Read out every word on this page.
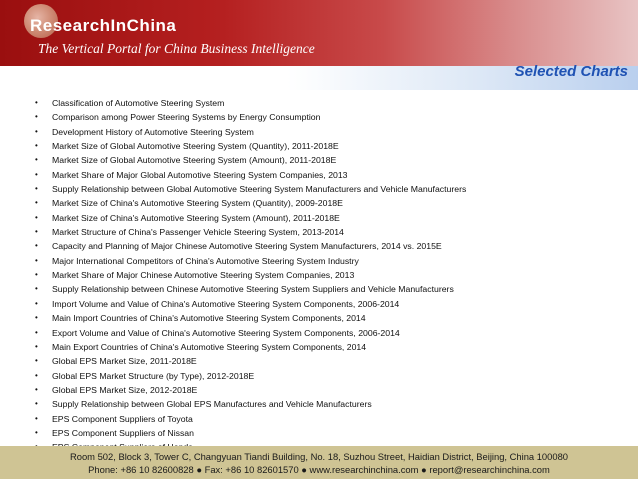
ResearchInChina
The Vertical Portal for China Business Intelligence
Selected Charts
• Classification of Automotive Steering System
• Comparison among Power Steering Systems by Energy Consumption
• Development History of Automotive Steering System
• Market Size of Global Automotive Steering System (Quantity), 2011-2018E
• Market Size of Global Automotive Steering System (Amount), 2011-2018E
• Market Share of Major Global Automotive Steering System Companies, 2013
• Supply Relationship between Global Automotive Steering System Manufacturers and Vehicle Manufacturers
• Market Size of China's Automotive Steering System (Quantity), 2009-2018E
• Market Size of China's Automotive Steering System (Amount), 2011-2018E
• Market Structure of China's Passenger Vehicle Steering System, 2013-2014
• Capacity and Planning of Major Chinese Automotive Steering System Manufacturers, 2014 vs. 2015E
• Major International Competitors of China's Automotive Steering System Industry
• Market Share of Major Chinese Automotive Steering System Companies, 2013
• Supply Relationship between Chinese Automotive Steering System Suppliers and Vehicle Manufacturers
• Import Volume and Value of China's Automotive Steering System Components, 2006-2014
• Main Import Countries of China's Automotive Steering System Components, 2014
• Export Volume and Value of China's Automotive Steering System Components, 2006-2014
• Main Export Countries of China's Automotive Steering System Components, 2014
• Global EPS Market Size, 2011-2018E
• Global EPS Market Structure (by Type), 2012-2018E
• Global EPS Market Size, 2012-2018E
• Supply Relationship between Global EPS Manufactures and Vehicle Manufacturers
• EPS Component Suppliers of Toyota
• EPS Component Suppliers of Nissan
Room 502, Block 3, Tower C, Changyuan Tiandi Building, No. 18, Suzhou Street, Haidian District, Beijing, China 100080
Phone: +86 10 82600828 ● Fax: +86 10 82601570 ● www.researchinchina.com ● report@researchinchina.com
